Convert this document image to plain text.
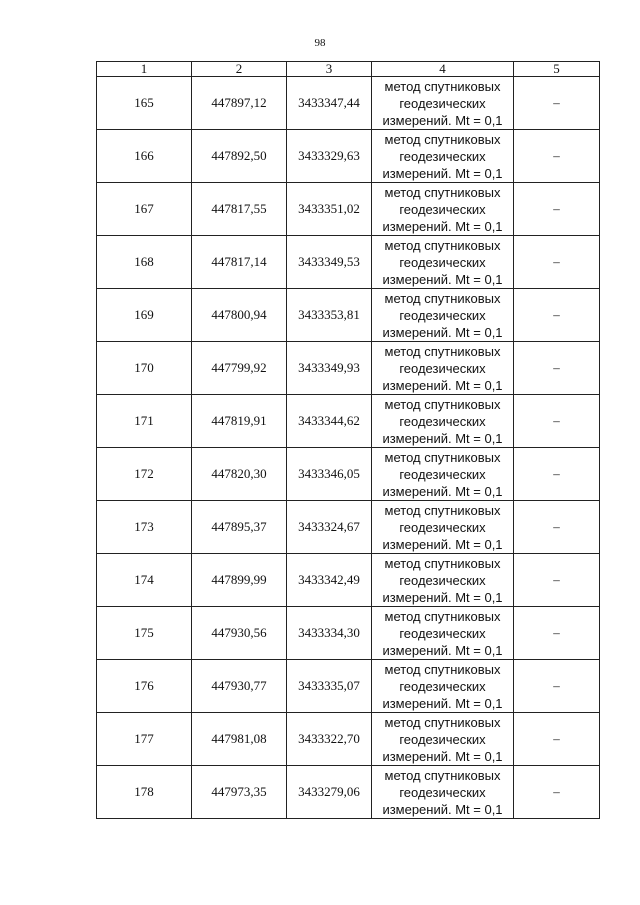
98
1	2	3	4	5
165	447897,12	3433347,44	метод спутниковых
геодезических
измерений. Mt = 0,1	–
166	447892,50	3433329,63	метод спутниковых
геодезических
измерений. Mt = 0,1	–
167	447817,55	3433351,02	метод спутниковых
геодезических
измерений. Mt = 0,1	–
168	447817,14	3433349,53	метод спутниковых
геодезических
измерений. Mt = 0,1	–
169	447800,94	3433353,81	метод спутниковых
геодезических
измерений. Mt = 0,1	–
170	447799,92	3433349,93	метод спутниковых
геодезических
измерений. Mt = 0,1	–
171	447819,91	3433344,62	метод спутниковых
геодезических
измерений. Mt = 0,1	–
172	447820,30	3433346,05	метод спутниковых
геодезических
измерений. Mt = 0,1	–
173	447895,37	3433324,67	метод спутниковых
геодезических
измерений. Mt = 0,1	–
174	447899,99	3433342,49	метод спутниковых
геодезических
измерений. Mt = 0,1	–
175	447930,56	3433334,30	метод спутниковых
геодезических
измерений. Mt = 0,1	–
176	447930,77	3433335,07	метод спутниковых
геодезических
измерений. Mt = 0,1	–
177	447981,08	3433322,70	метод спутниковых
геодезических
измерений. Mt = 0,1	–
178	447973,35	3433279,06	метод спутниковых
геодезических
измерений. Mt = 0,1	–
